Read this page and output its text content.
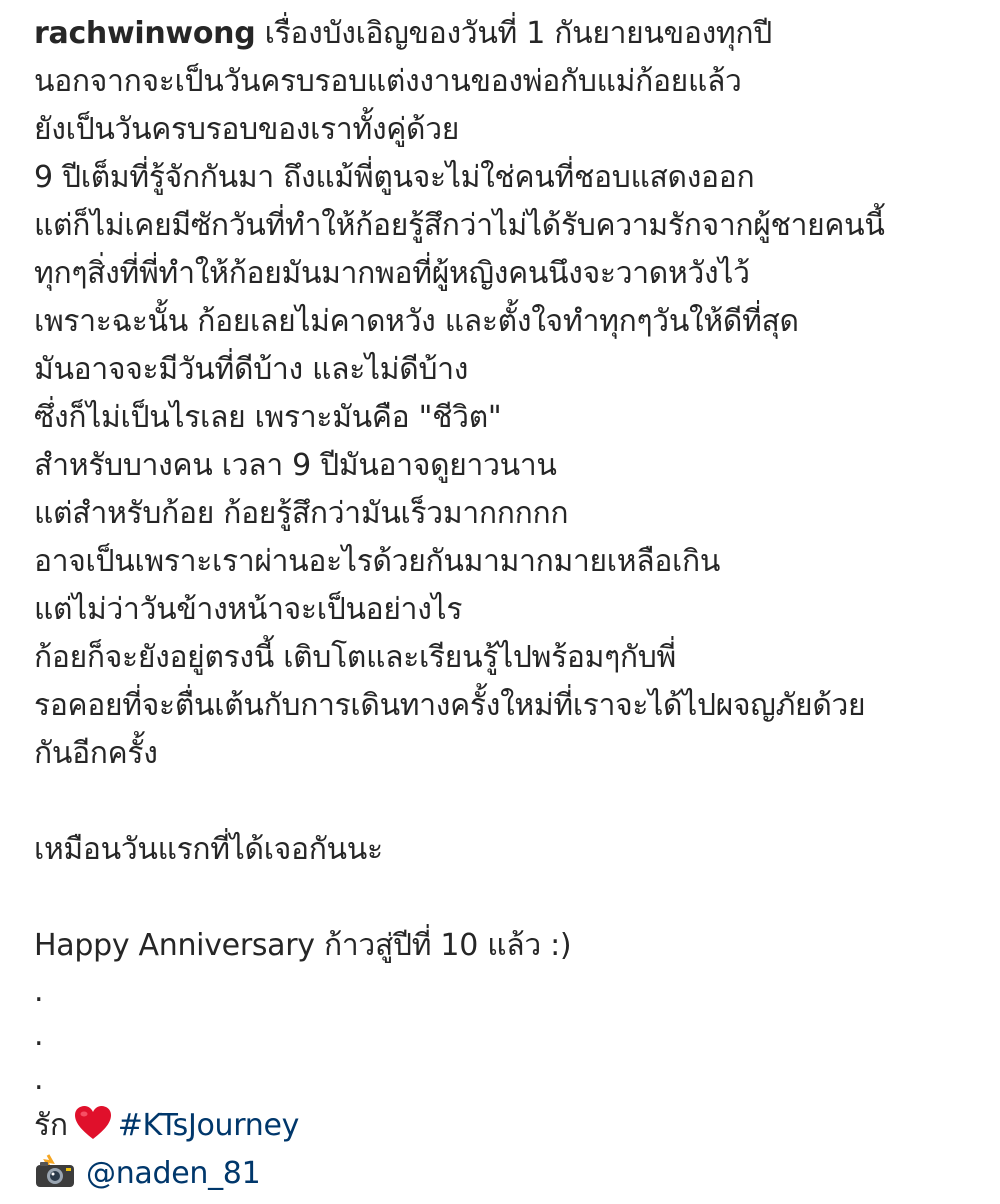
rachwinwong เรื่องบังเอิญของวันที่ 1 กันยายนของทุกปี
นอกจากจะเป็นวันครบรอบแต่งงานของพ่อกับแม่ก้อยแล้ว
ยังเป็นวันครบรอบของเราทั้งคู่ด้วย
9 ปีเต็มที่รู้จักกันมา ถึงแม้พี่ตูนจะไม่ใช่คนที่ชอบแสดงออก
แต่ก็ไม่เคยมีซักวันที่ทำให้ก้อยรู้สึกว่าไม่ได้รับความรักจากผู้ชายคนนี้
ทุกๆสิ่งที่พี่ทำให้ก้อยมันมากพอที่ผู้หญิงคนนึงจะวาดหวังไว้
เพราะฉะนั้น ก้อยเลยไม่คาดหวัง และตั้งใจทำทุกๆวันให้ดีที่สุด
มันอาจจะมีวันที่ดีบ้าง และไม่ดีบ้าง
ซึ่งก็ไม่เป็นไรเลย เพราะมันคือ "ชีวิต"
สำหรับบางคน เวลา 9 ปีมันอาจดูยาวนาน
แต่สำหรับก้อย ก้อยรู้สึกว่ามันเร็วมากกกกก
อาจเป็นเพราะเราผ่านอะไรด้วยกันมามากมายเหลือเกิน
แต่ไม่ว่าวันข้างหน้าจะเป็นอย่างไร
ก้อยก็จะยังอยู่ตรงนี้ เติบโตและเรียนรู้ไปพร้อมๆกับพี่
รอคอยที่จะตื่นเต้นกับการเดินทางครั้งใหม่ที่เราจะได้ไปผจญภัยด้วย
กันอีกครั้ง
เหมือนวันแรกที่ได้เจอกันนะ
Happy Anniversary ก้าวสู่ปีที่ 10 แล้ว :)
.
.
.
รัก #KTsJourney
@naden_81
